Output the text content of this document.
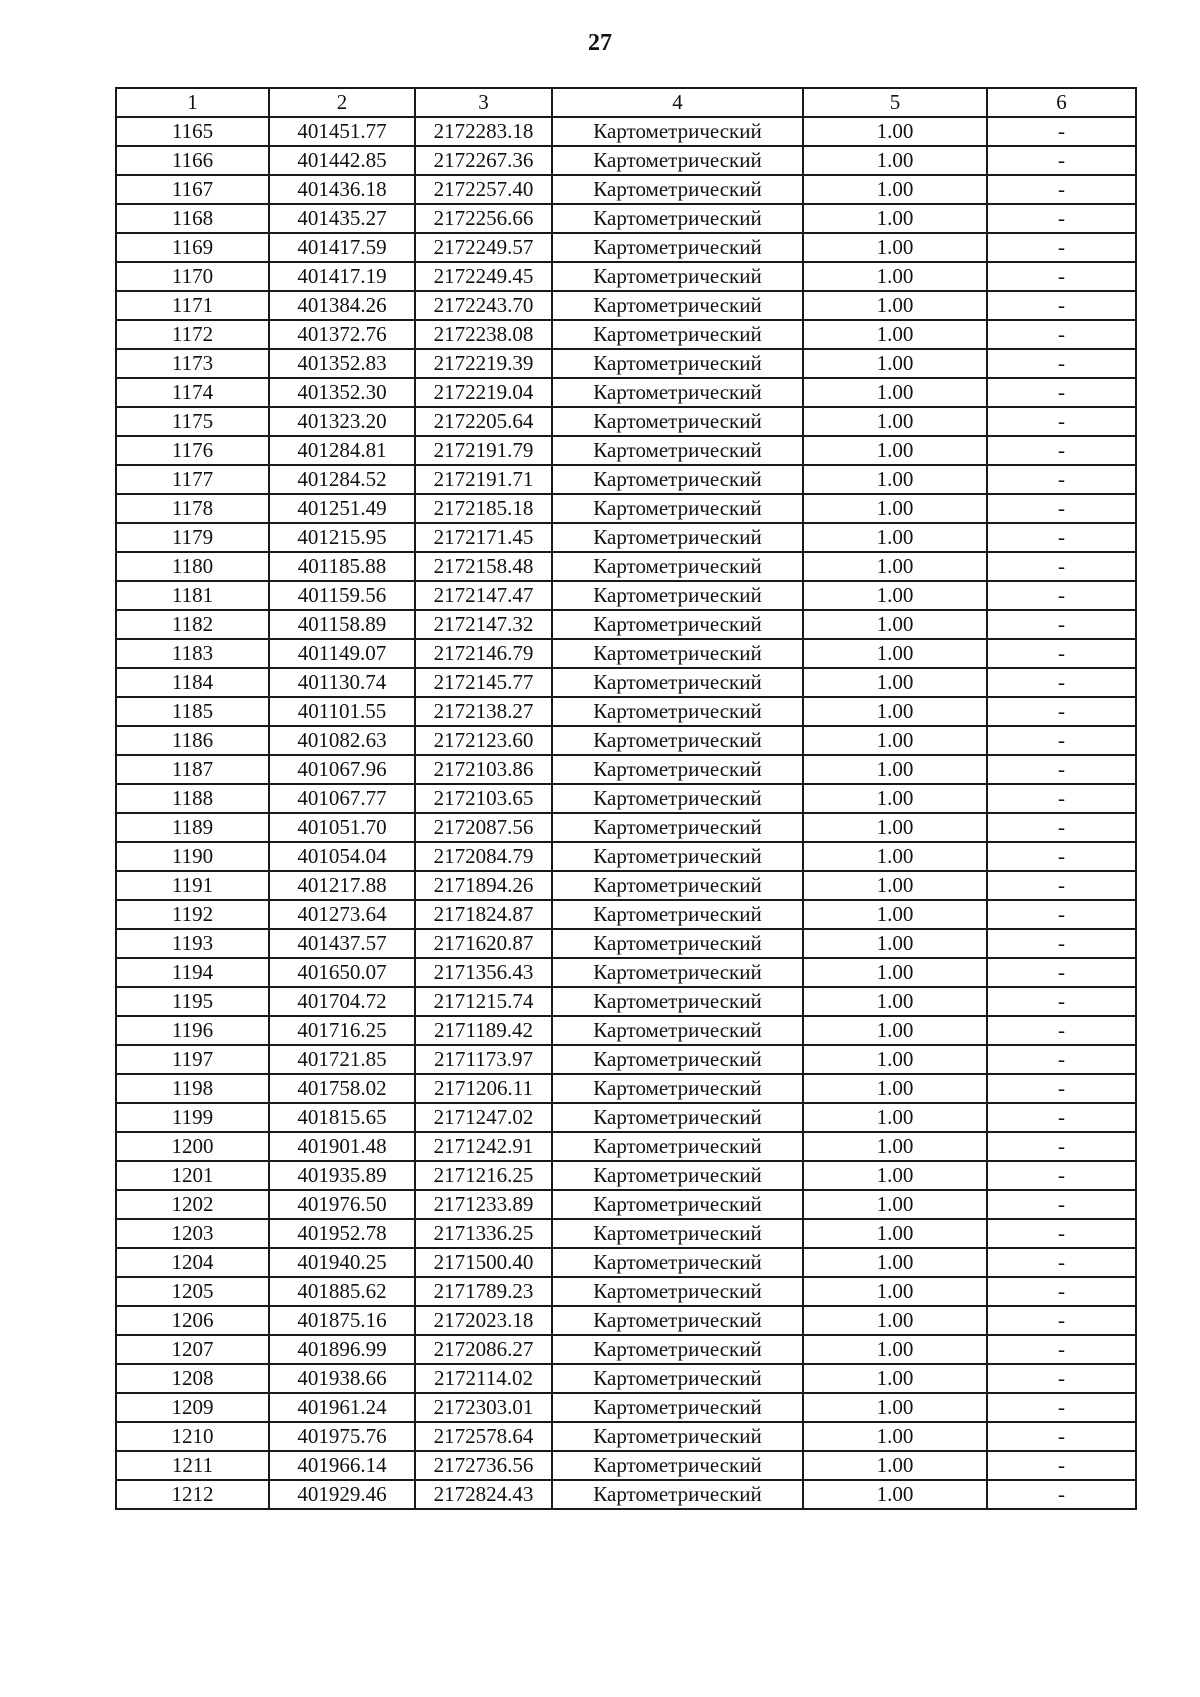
27
1	2	3	4	5	6
1165	401451.77	2172283.18	Картометрический	1.00	-
1166	401442.85	2172267.36	Картометрический	1.00	-
1167	401436.18	2172257.40	Картометрический	1.00	-
1168	401435.27	2172256.66	Картометрический	1.00	-
1169	401417.59	2172249.57	Картометрический	1.00	-
1170	401417.19	2172249.45	Картометрический	1.00	-
1171	401384.26	2172243.70	Картометрический	1.00	-
1172	401372.76	2172238.08	Картометрический	1.00	-
1173	401352.83	2172219.39	Картометрический	1.00	-
1174	401352.30	2172219.04	Картометрический	1.00	-
1175	401323.20	2172205.64	Картометрический	1.00	-
1176	401284.81	2172191.79	Картометрический	1.00	-
1177	401284.52	2172191.71	Картометрический	1.00	-
1178	401251.49	2172185.18	Картометрический	1.00	-
1179	401215.95	2172171.45	Картометрический	1.00	-
1180	401185.88	2172158.48	Картометрический	1.00	-
1181	401159.56	2172147.47	Картометрический	1.00	-
1182	401158.89	2172147.32	Картометрический	1.00	-
1183	401149.07	2172146.79	Картометрический	1.00	-
1184	401130.74	2172145.77	Картометрический	1.00	-
1185	401101.55	2172138.27	Картометрический	1.00	-
1186	401082.63	2172123.60	Картометрический	1.00	-
1187	401067.96	2172103.86	Картометрический	1.00	-
1188	401067.77	2172103.65	Картометрический	1.00	-
1189	401051.70	2172087.56	Картометрический	1.00	-
1190	401054.04	2172084.79	Картометрический	1.00	-
1191	401217.88	2171894.26	Картометрический	1.00	-
1192	401273.64	2171824.87	Картометрический	1.00	-
1193	401437.57	2171620.87	Картометрический	1.00	-
1194	401650.07	2171356.43	Картометрический	1.00	-
1195	401704.72	2171215.74	Картометрический	1.00	-
1196	401716.25	2171189.42	Картометрический	1.00	-
1197	401721.85	2171173.97	Картометрический	1.00	-
1198	401758.02	2171206.11	Картометрический	1.00	-
1199	401815.65	2171247.02	Картометрический	1.00	-
1200	401901.48	2171242.91	Картометрический	1.00	-
1201	401935.89	2171216.25	Картометрический	1.00	-
1202	401976.50	2171233.89	Картометрический	1.00	-
1203	401952.78	2171336.25	Картометрический	1.00	-
1204	401940.25	2171500.40	Картометрический	1.00	-
1205	401885.62	2171789.23	Картометрический	1.00	-
1206	401875.16	2172023.18	Картометрический	1.00	-
1207	401896.99	2172086.27	Картометрический	1.00	-
1208	401938.66	2172114.02	Картометрический	1.00	-
1209	401961.24	2172303.01	Картометрический	1.00	-
1210	401975.76	2172578.64	Картометрический	1.00	-
1211	401966.14	2172736.56	Картометрический	1.00	-
1212	401929.46	2172824.43	Картометрический	1.00	-
